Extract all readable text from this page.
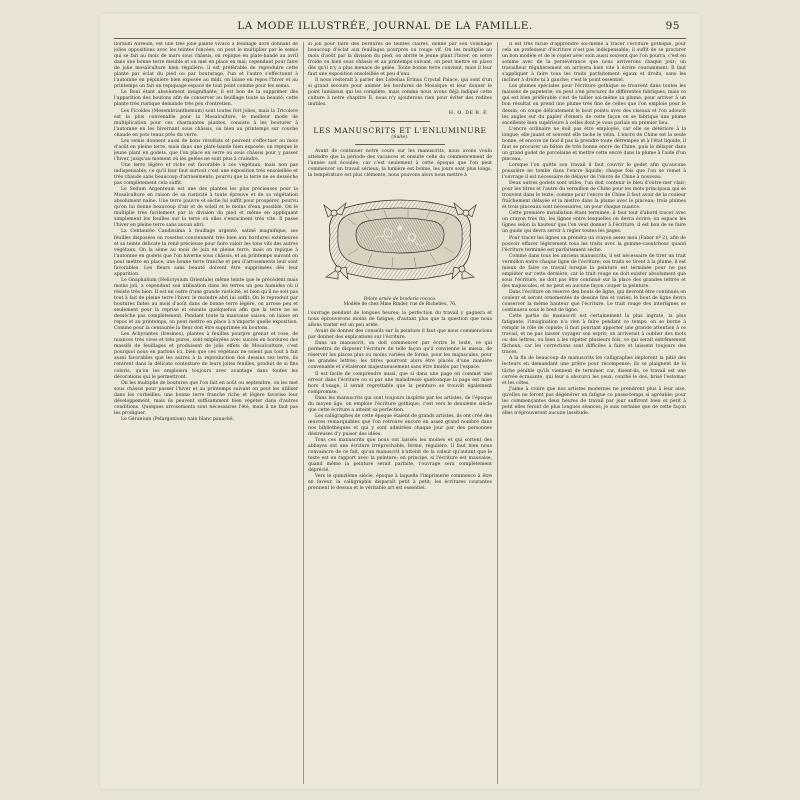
LA MODE ILLUSTRÉE, JOURNAL DE LA FAMILLE.	95

floraum Aureum, est une très jolie plante vivace à feuillage doré donnant de jolies oppositions avec les teintes foncées, on peut le multiplier par le semis qui se fait au mois de mars sous châssis, on repique en plate-bande au avril dans une bonne terre meuble et on met en place en mai; cependant pour faire de jolie mosaïculture bien régulière, il est préférable de reproduire cette plante par éclat du pied ou par bouturage, l'un et l'autre s'effectuent à l'automne en pépinière bien exposée au midi, on laisse en repos l'hiver et au printemps on fait un repiquage espacé de tout point comme pour les semis.

Le Bouï étant absolument insignifiante, il est bon de la supprimer dès l'apparition des boutons afin de conserver au feuillage toute sa beauté; cette plante très rustique demande très peu d'entretien.

Les Ficoïdes (Mesembrianthemum) sont toutes fort jolies, mais la Tricolore est la plus convenable pour la Mosaïculture, le meilleur mode de multiplication pour ces charmantes plantes, consiste à les bouturer à l'automne en les hivernant sous châssis, ou bien au printemps sur couche chaude en pots tenus près du verre.

Les semis donnent aussi de bons résultats et peuvent s'effectuer au mois d'août en pleine terre, mais dans une plate-bande bien exposée; on repique le jeune plant en godets, que l'on place en serre ou sous châssis pour y passer l'hiver, jusqu'au moment où les gelées ne sont plus à craindre.

Une terre légère et riche est favorable à ces végétaux, mais non pas indispensable, ce qu'il leur faut surtout c'est une exposition très ensoleillée et très chaude sans beaucoup d'arrosements; pourvu que la terre ne se dessèche pas complètement cela suffit.

Le Sedum Argenteum est une des plantes les plus précieuses pour la Mosaïculture en raison de sa rusticité à toute épreuve et de sa végétation absolument naine. Une terre pauvre et sèche lui suffit pour prospérer, pourvu qu'on lui donne beaucoup d'air et de soleil et le moins d'eau possible. On le multiplie très facilement par la division du pied et même en appliquant simplement les feuilles sur la terre où elles s'enracinent très vite. Il passe l'hiver en pleine terre sans aucun abri.

La Centaurée Candissima à feuillage argenté, satiné magnifique, ses feuilles disposées en rosettes conviennent très bien aux bordures extérieures et sa teinte délicate la rend précieuse pour faire valoir les tons vifs des autres végétaux. On la sème au mois de juin en pleine terre, mais on repique à l'automne en godets que l'on hiverne sous châssis, et au printemps suivant on peut mettre en place; une bonne terre franche et peu d'arrosements leur sont favorables. Les fleurs sans beauté doivent être supprimées dès leur apparition.

Le Gnaphalium (Helicrysium Orientale) même teinte que le précédent mais moins joli, a cependant son utilisation dans les terres un peu humides où il résiste très bien. Il est en outre d'une grande rusticité, et bien qu'il ne soit pas tout à fait de pleine terre l'hiver, le moindre abri lui suffit. On le reproduit par boutures faites au mois d'août dans de bonne terre légère, on arrose peu et seulement pour la reprise et ensuite quelquefois afin que la terre ne se dessèche pas complètement. Pendant toute la mauvaise saison, on laisse en repos et au printemps, on peut mettre en place à n'importe quelle exposition. Comme pour la centaurée la fleur doit être supprimée en boutons.

Les Achyrantes (Iresines), plantes à feuilles pourpre grenat et rose, de nuances très vives et très pures, sont employées avec succès en bordures des massifs de feuillages et produisent de jolis effets de Mosaïculture, c'est pourquoi nous en parlons ici, bien que ces végétaux ne soient pas tout à fait aussi favorables que les autres à la reproduction des dessins rez terre, ils rentrent dans la délicate contexture de leurs jolies feuilles, produit de si fins coloris, qu'on les emploiera toujours avec avantage dans toutes les décorations qui le permettront.

On les multiplie de boutures que l'on fait en août ou septembre, on les met sous châssis pour passer l'hiver et au printemps suivant on peut les utiliser dans les corbeilles; une bonne terre franche riche et légère favorise leur développement, mais ils peuvent suffisamment bien végéter dans d'autres conditions. Quelques arrosements sont nécessaires l'été, mais il ne faut pas les prodiguer.

Le Géranium (Pelargonium) nain blanc panaché,

si joli pour faire des bordures de teintes claires, donne par son voisinage beaucoup d'éclat aux feuillages pourpres ou rouge vif. On les multiplie au mois d'août par la division du pied, on abrite le jeune plant l'hiver, en serre froide ou bien sous châssis et au printemps suivant, on peut mettre en place dès qu'il n'y a plus menace de gelée. Toute bonne terre convient, mais il leur faut une exposition ensoleillée et peu d'eau.

Il nous resterait à parler des Lobelias Erinus Crystal Palace, qui sont d'un si grand secours pour animer les bordures de Mosaïque et leur donner le point lumineux qui les complète, mais comme nous avons déjà indiqué cette culture à notre chapitre II, nous n'y ajouterons rien pour éviter des redites inutiles.

H. O. DE B. F.
LES MANUSCRITS ET L'ENLUMINURE
(Suite).

Avant de continuer notre cours sur les manuscrits, nous avons voulu attendre que la période des vacances et ensuite celle du commencement de l'année soit écoulée; car c'est seulement à cette époque que l'on peut commencer un travail sérieux; la lumière est bonne, les jours sont plus longs, la température est plus clémente, nous pouvons alors nous mettre à

Pelote ornée de broderie rococo.
Modèle de chez Mme Rinder, rue de Richelieu, 76.

l'ouvrage pendant de longues heures; la perfection du travail y gagnera et nous éprouverons moins de fatigue; d'autant plus que la question que nous allons traiter est un peu aride.

Avant de donner des conseils sur la peinture il faut que nous commencions par donner des explications sur l'écriture.

Dans un manuscrit, on doit commencer par écrire le texte, ce qui permettra de disposer l'écriture de telle façon qu'il convienne le mieux, de réserver les places plus ou moins variées de forme, pour les majuscules, pour les grandes lettres; les titres pourront alors être placés d'une manière convenable et s'étaleront majestueusement sans être limités par l'espace.

Il est facile de comprendre aussi, que si dans une page on commet une erreur dans l'écriture ou si par une maladresse quelconque la page est mise hors d'usage, il serait regrettable que la peinture se trouvât également compromise.

Dans les manuscrits qui sont toujours inspirés par les artistes, de l'époque du moyen âge, on emploie l'écriture gothique; c'est vers le deuxième siècle que cette écriture a atteint sa perfection.

Les calligraphes de cette époque étaient de grands artistes, ils ont créé des œuvres remarquables que l'on retrouve encore en assez grand nombre dans nos bibliothèques et qui y sont admirées chaque jour par des personnes désireuses d'y puiser des idées.

Tous ces manuscrits que nous ont laissés les moines et qui sortent des abbayes ont une écriture irréprochable, ferme, régulière. Il faut bien nous convaincre de ce fait, qu'un manuscrit n'atteint de la valeur qu'autant que le texte est en rapport avec la peinture; en principe, si l'écriture est mauvaise, quand même la peinture serait parfaite, l'ouvrage sera complètement déprécié.

Vers le quinzième siècle, époque à laquelle l'imprimerie commence à être en faveur, la calligraphie disparaît petit à petit; les écritures courantes prennent le dessus et le véritable art est essentiel.

Il est très facile d'apprendre soi-même à tracer l'écriture gothique, pour cela un professeur d'écriture n'est pas indispensable; il suffit de se procurer un bon modèle et de le copier avec soin aussi souvent que l'on pourra, c'est en somme avec de la persévérance que nous arriverons chaque jour; un travailleur régulièrement en arrivera bien vite à écrire couramment. Il faut s'appliquer à faire tous les traits parfaitement égaux et droits, sans les incliner à droite ni à gauche; c'est le point essentiel.

Les plumes spéciales pour l'écriture gothique se trouvent dans toutes les maisons de papeterie; on peut s'en procurer de différentes fabriques, mais ce qui est bien préférable c'est de tailler soi-même sa plume; pour arriver à un bon résultat on prend une plume très fine de celles que l'on emploie pour le dessin; on coupe délicatement le bout pointu avec des ciseaux et l'on adoucit les angles sur du papier d'émeri; de cette façon on se fabrique une plume excellente bien supérieure à celles dont je vous parlais en premier lieu.

L'encre ordinaire ne doit pas être employée, car elle se détériore à la longue; elle jaunit et souvent elle tache le vélin. L'encre de Chine est la seule bonne, et encore ne faut-il pas la prendre toute détrempée et à l'état liquide, il faut se procurer un bâton de très bonne encre de Chine, puis le délayer dans un grand godet de porcelaine et mettre cette encre dans la plume à l'aide d'un pinceau.

Lorsque l'on quitte son travail il faut couvrir le godet afin qu'aucune poussière ne tombe dans l'encre liquide; chaque fois que l'on se remet à l'ouvrage il est nécessaire de délayer de l'encre de Chine à nouveau.

Deux autres godets sont utiles; l'un doit contenir le bleu d'outre-mer clair; pour les titres et l'autre du vermillon de Chine pour les mots principaux qui se trouvent dans le texte; comme pour l'encre de Chine il faut avoir de la couleur fraîchement délayée et la mettre dans la plume avec le pinceau; trois plumes et trois pinceaux sont nécessaires, un pour chaque nuance.

Cette première installation étant terminée; il faut tout d'abord tracer avec un crayon très fin, les lignes entre lesquelles on devra écrire; on espace les lignes selon la hauteur que l'on veut donner à l'écriture, il est bon de se faire un guide qui devra servir à régler toutes les pages.

Pour tracer les lignes on prendra un crayon assez mou (Faber nº 2), afin de pouvoir effacer légèrement tous les traits avec la gomme-caoutchouc quand l'écriture terminée est parfaitement sèche.

Comme dans tous les anciens manuscrits, il est nécessaire de tirer un trait vermillon entre chaque ligne de l'écriture; ces traits se tirent à la plume, il est mieux de faire ce travail lorsque la peinture est terminée pour ne pas empiéter sur cette dernière, car le trait rouge ne doit exister absolument que sous l'écriture, ne doit pas être continué sur la place des grandes lettres et des majuscules, et ne peut en aucune façon couper la peinture.

Dans l'écriture on réserve des bouts de ligne, qui devront être continués en couleur et seront ornementés de dessins fins et variés; le bout de ligne devra conserver la même hauteur que l'écriture. Le trait rouge des interlignes se continuera sous le bout de ligne.

Cette partie du manuscrit est certainement la plus ingrate, la plus fatigante; l'imagination n'a rien à faire pendant ce temps; on se borne à remplir le rôle de copiste; il faut pourtant apporter une grande attention à ce travail, et ne pas laisser voyager son esprit; on arriverait à oublier des mots ou des lettres, ou bien à les répéter plusieurs fois, ce qui serait extrêmement fâcheux, car les corrections sont difficiles à faire et laissent toujours des traces.

A la fin de beaucoup de manuscrits les calligraphes implorent la pitié des lecteurs en demandant une prière pour récompense; ils se plaignent de la tâche pénible qu'ils viennent de terminer, car, disent-ils, ce travail est une corvée écrasante, qui leur a obscurci les yeux, courbé le dos, brisé l'estomac et les côtes.

J'aime à croire que nos artistes modernes ne prendront plus à leur aise, qu'elles ne feront pas dégénérer en fatigue ce passe-temps si agréable; pour les commençantes deux heures de travail par jour suffiront bien et petit à petit elles feront de plus longues séances; je suis certaine que de cette façon elles n'éprouveront aucune lassitude.
